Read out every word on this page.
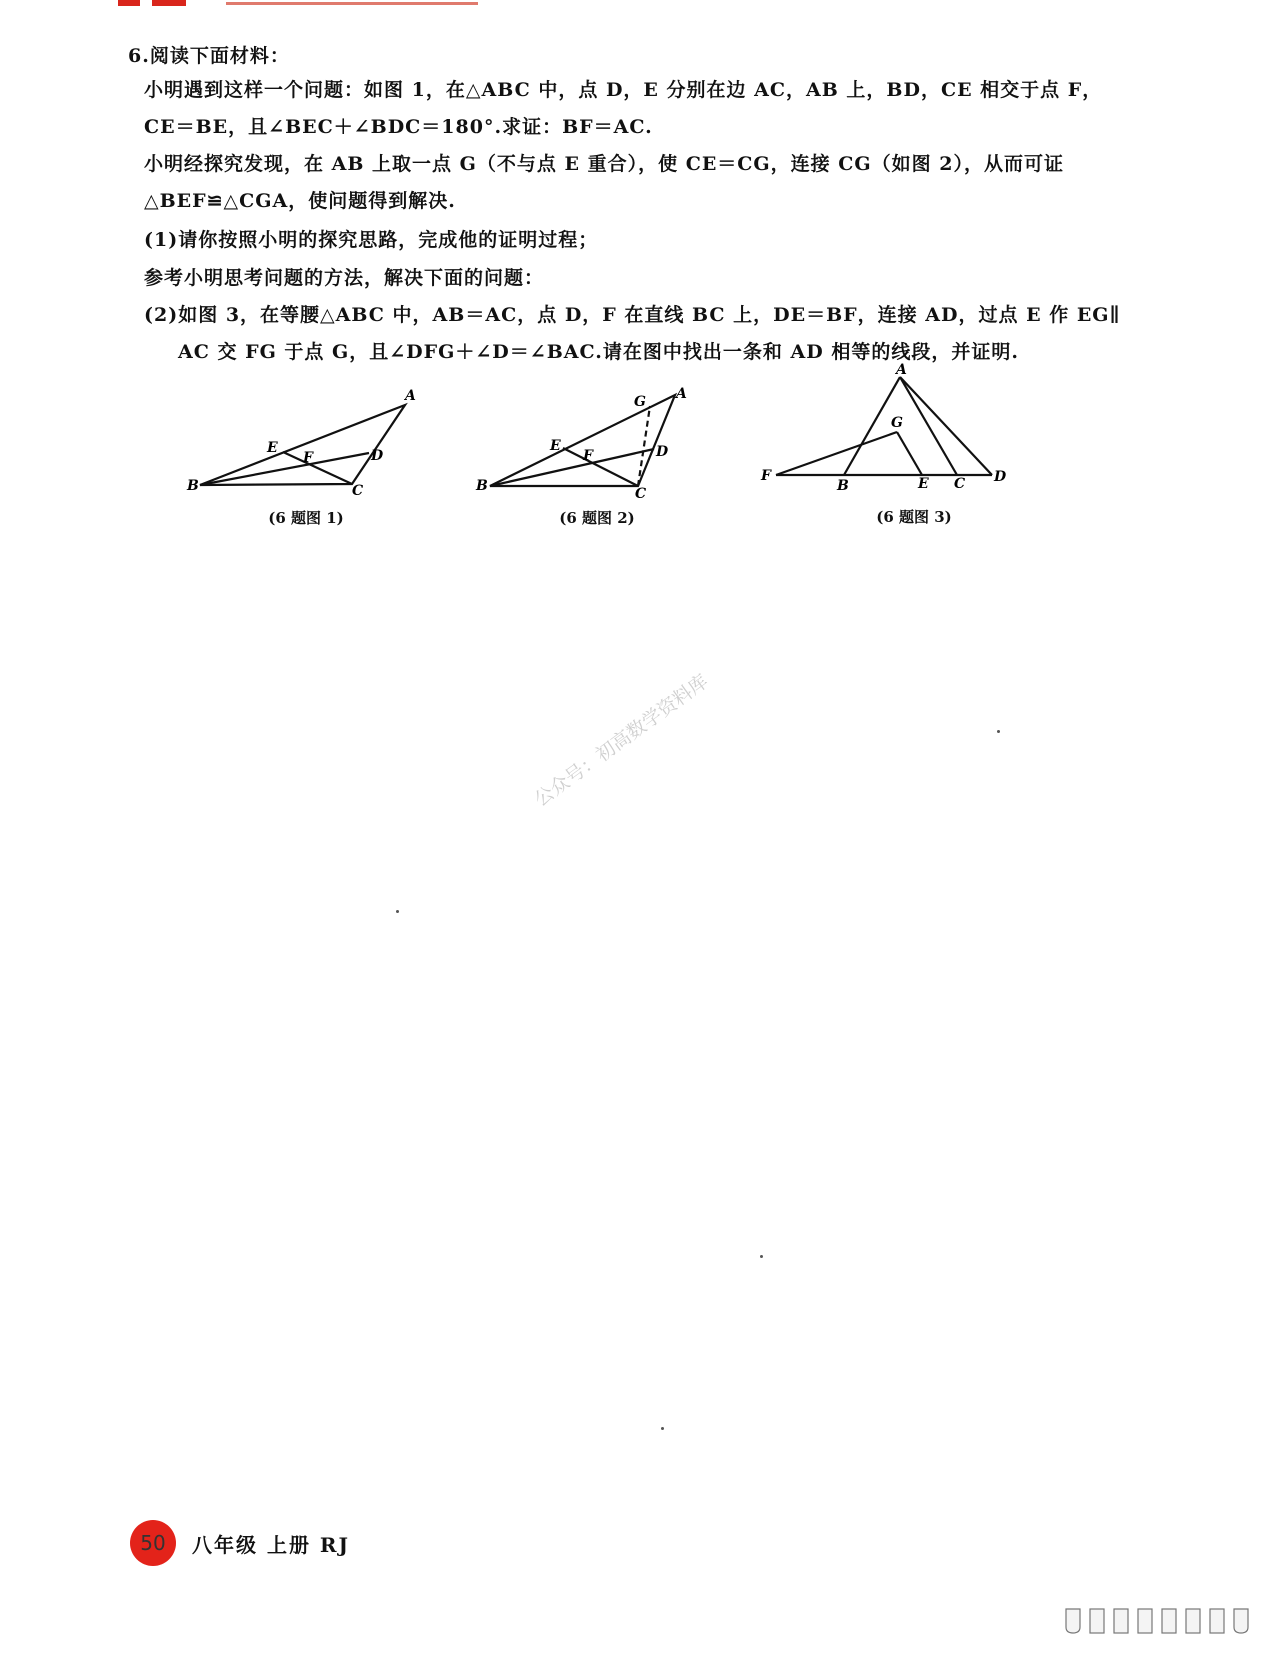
6.阅读下面材料：
小明遇到这样一个问题：如图 1，在△ABC 中，点 D，E 分别在边 AC，AB 上，BD，CE 相交于点 F，
CE＝BE，且∠BEC＋∠BDC＝180°.求证：BF＝AC.
小明经探究发现，在 AB 上取一点 G（不与点 E 重合），使 CE＝CG，连接 CG（如图 2），从而可证
△BEF≌△CGA，使问题得到解决.
(1)请你按照小明的探究思路，完成他的证明过程；
参考小明思考问题的方法，解决下面的问题：
(2)如图 3，在等腰△ABC 中，AB＝AC，点 D，F 在直线 BC 上，DE＝BF，连接 AD，过点 E 作 EG∥
AC 交 FG 于点 G，且∠DFG＋∠D＝∠BAC.请在图中找出一条和 AD 相等的线段，并证明.
A
B	C
D
E
F
(6 题图 1)
A
B	C
D
E
F
G
(6 题图 2)
A
B	C D
E
F
G
(6 题图 3)
公众号：初高数学资料库
50	八年级 上册 RJ
